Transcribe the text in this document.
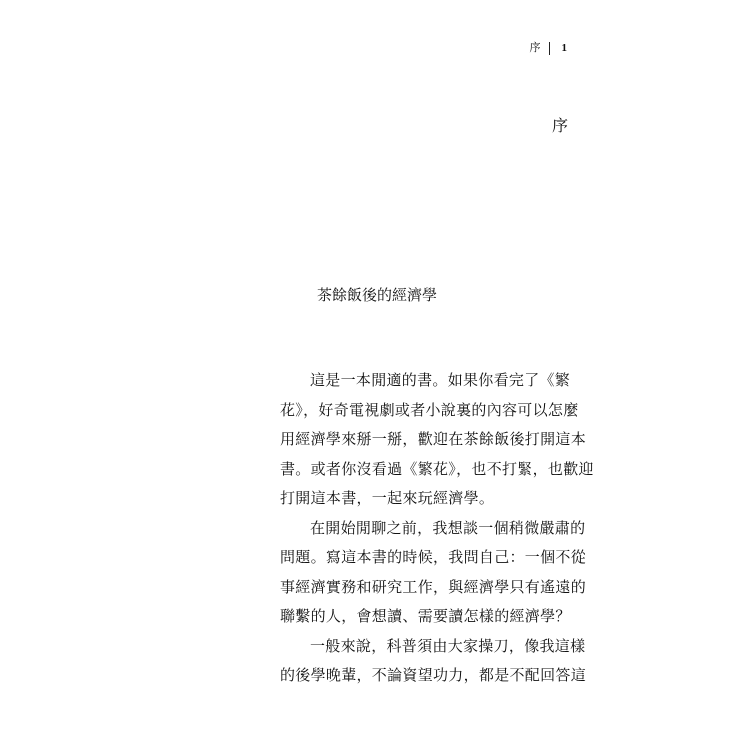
序 1
序
茶餘飯後的經濟學
這是一本閒適的書。如果你看完了《繁
花》，好奇電視劇或者小說裏的內容可以怎麼
用經濟學來掰一掰，歡迎在茶餘飯後打開這本
書。或者你沒看過《繁花》，也不打緊，也歡迎
打開這本書，一起來玩經濟學。
在開始閒聊之前，我想談一個稍微嚴肅的
問題。寫這本書的時候，我問自己：一個不從
事經濟實務和研究工作，與經濟學只有遙遠的
聯繫的人，會想讀、需要讀怎樣的經濟學？
一般來說，科普須由大家操刀，像我這樣
的後學晚輩，不論資望功力，都是不配回答這
